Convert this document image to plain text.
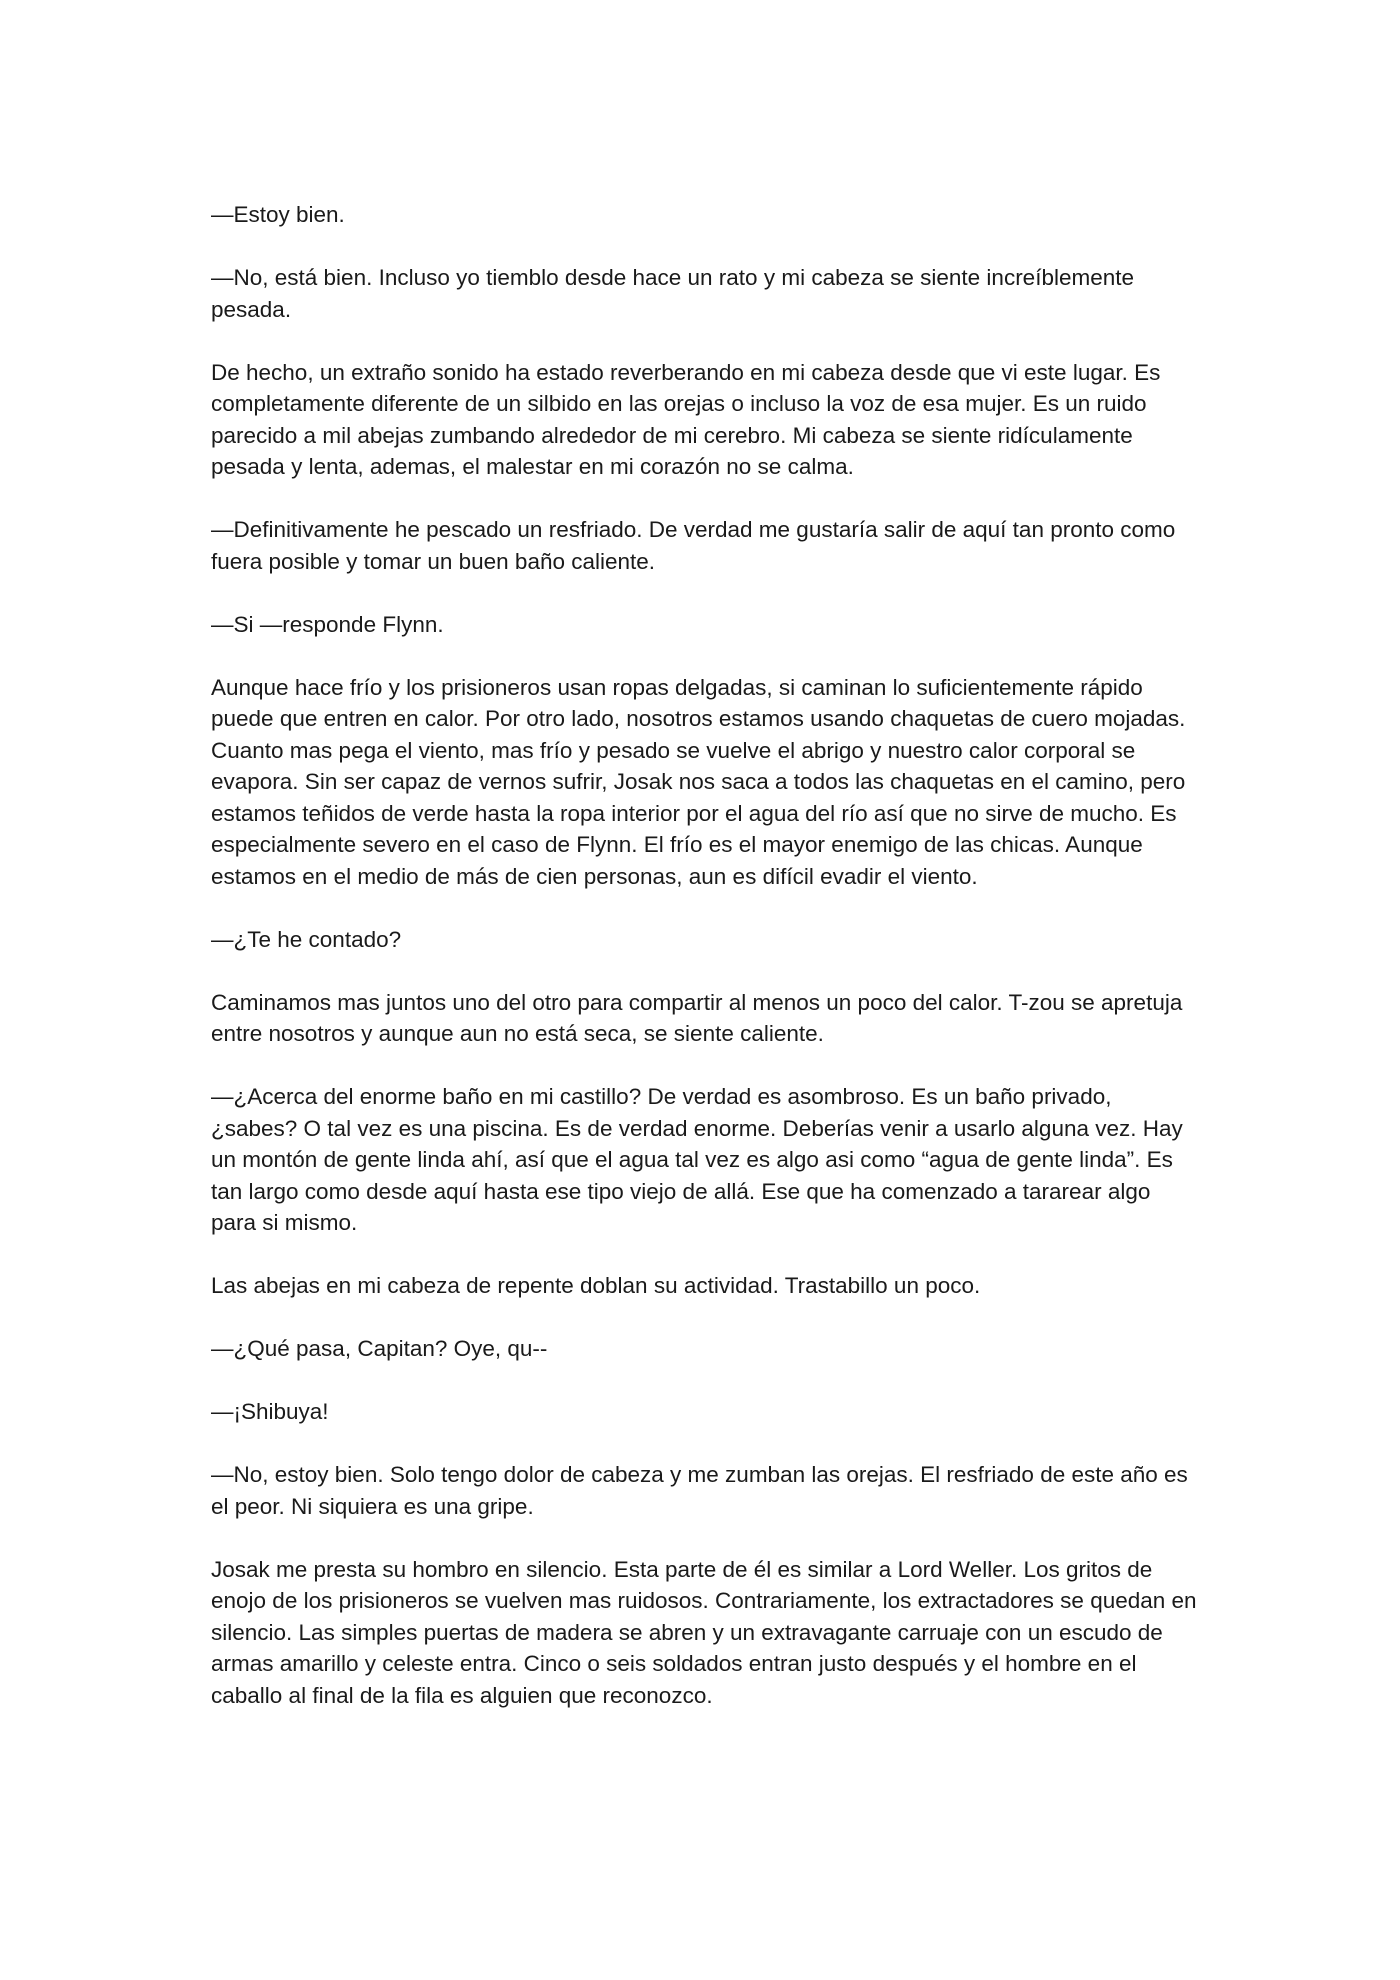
—Estoy bien.

—No, está bien. Incluso yo tiemblo desde hace un rato y mi cabeza se siente increíblemente pesada.

De hecho, un extraño sonido ha estado reverberando en mi cabeza desde que vi este lugar. Es completamente diferente de un silbido en las orejas o incluso la voz de esa mujer. Es un ruido parecido a mil abejas zumbando alrededor de mi cerebro. Mi cabeza se siente ridículamente pesada y lenta, ademas, el malestar en mi corazón no se calma.

—Definitivamente he pescado un resfriado. De verdad me gustaría salir de aquí tan pronto como fuera posible y tomar un buen baño caliente.

—Si —responde Flynn.

Aunque hace frío y los prisioneros usan ropas delgadas, si caminan lo suficientemente rápido puede que entren en calor. Por otro lado, nosotros estamos usando chaquetas de cuero mojadas. Cuanto mas pega el viento, mas frío y pesado se vuelve el abrigo y nuestro calor corporal se evapora. Sin ser capaz de vernos sufrir, Josak nos saca a todos las chaquetas en el camino, pero estamos teñidos de verde hasta la ropa interior por el agua del río así que no sirve de mucho. Es especialmente severo en el caso de Flynn. El frío es el mayor enemigo de las chicas. Aunque estamos en el medio de más de cien personas, aun es difícil evadir el viento.

—¿Te he contado?

Caminamos mas juntos uno del otro para compartir al menos un poco del calor. T-zou se apretuja entre nosotros y aunque aun no está seca, se siente caliente.

—¿Acerca del enorme baño en mi castillo? De verdad es asombroso. Es un baño privado, ¿sabes? O tal vez es una piscina. Es de verdad enorme. Deberías venir a usarlo alguna vez. Hay un montón de gente linda ahí, así que el agua tal vez es algo asi como “agua de gente linda”. Es tan largo como desde aquí hasta ese tipo viejo de allá. Ese que ha comenzado a tararear algo para si mismo.

Las abejas en mi cabeza de repente doblan su actividad. Trastabillo un poco.

—¿Qué pasa, Capitan? Oye, qu--

—¡Shibuya!

—No, estoy bien. Solo tengo dolor de cabeza y me zumban las orejas. El resfriado de este año es el peor. Ni siquiera es una gripe.

Josak me presta su hombro en silencio. Esta parte de él es similar a Lord Weller. Los gritos de enojo de los prisioneros se vuelven mas ruidosos. Contrariamente, los extractadores se quedan en silencio. Las simples puertas de madera se abren y un extravagante carruaje con un escudo de armas amarillo y celeste entra. Cinco o seis soldados entran justo después y el hombre en el caballo al final de la fila es alguien que reconozco.
